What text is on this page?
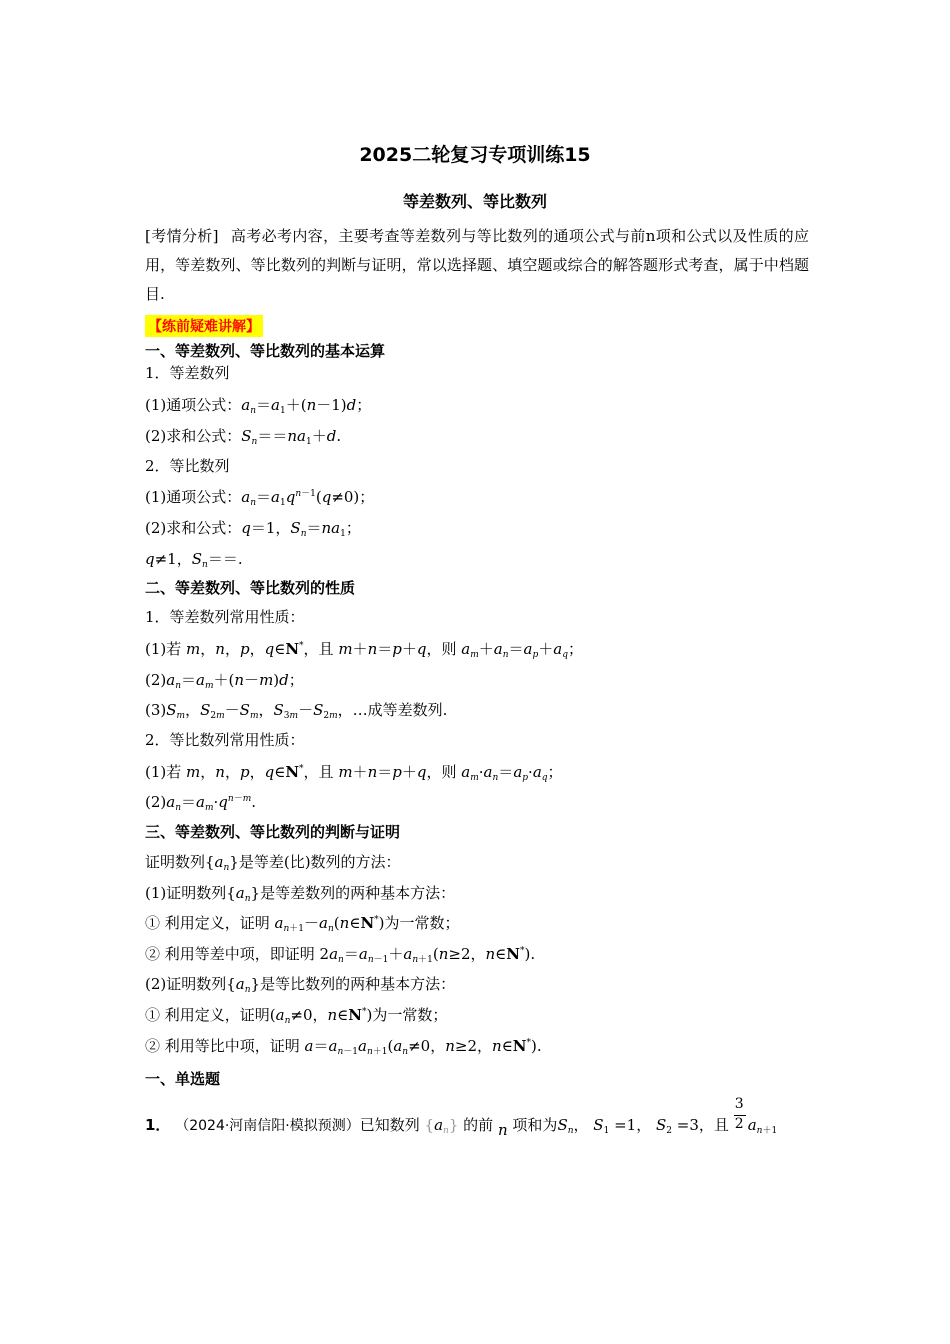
2025二轮复习专项训练15
等差数列、等比数列
[考情分析] 高考必考内容，主要考查等差数列与等比数列的通项公式与前n项和公式以及性质的应用，等差数列、等比数列的判断与证明，常以选择题、填空题或综合的解答题形式考查，属于中档题目.
【练前疑难讲解】
一、等差数列、等比数列的基本运算
1．等差数列
(1)通项公式：$a_n=a_1+(n-1)d$；
(2)求和公式：$S_n==na_1+d$.
2．等比数列
(1)通项公式：$a_n=a_1q^{n-1}(q\ne 0)$；
(2)求和公式：q＝1，$S_n=na_1$；
q≠1，$S_n==$.
二、等差数列、等比数列的性质
1．等差数列常用性质：
(1)若 m，n，p，q∈N*，且 m＋n＝p＋q，则 $a_m+a_n=a_p+a_q$；
$(2)a_n=a_m+(n-m)d$；
$(3)S_m$，$S_{2m}-S_m$，$S_{3m}-S_{2m}$，…成等差数列.
2．等比数列常用性质：
(1)若 m，n，p，q∈N*，且 m＋n＝p＋q，则 $a_m\cdot a_n=a_p\cdot a_q$；
$(2)a_n=a_m\cdot q^{n-m}$.
三、等差数列、等比数列的判断与证明
证明数列$\{a_n\}$是等差(比)数列的方法：
(1)证明数列$\{a_n\}$是等差数列的两种基本方法：
① 利用定义，证明 $a_{n+1}-a_n(n\in N^*)$为一常数；
② 利用等差中项，即证明 $2a_n=a_{n-1}+a_{n+1}(n\ge 2$，n∈N*).
(2)证明数列$\{a_n\}$是等比数列的两种基本方法：
① 利用定义，证明($a_n\ne 0$，n∈N*)为一常数；
② 利用等比中项，证明 $a=a_{n-1}a_{n+1}(a_n\ne 0$，n≥2，n∈N*).
一、单选题
1． （2024·河南信阳·模拟预测）已知数列 $\{a_n\}$ 的前 n 项和为$S_n$， $S_1 =1$， $S_2 =3$，且 $\frac{3}{2} a_{n+1}$
